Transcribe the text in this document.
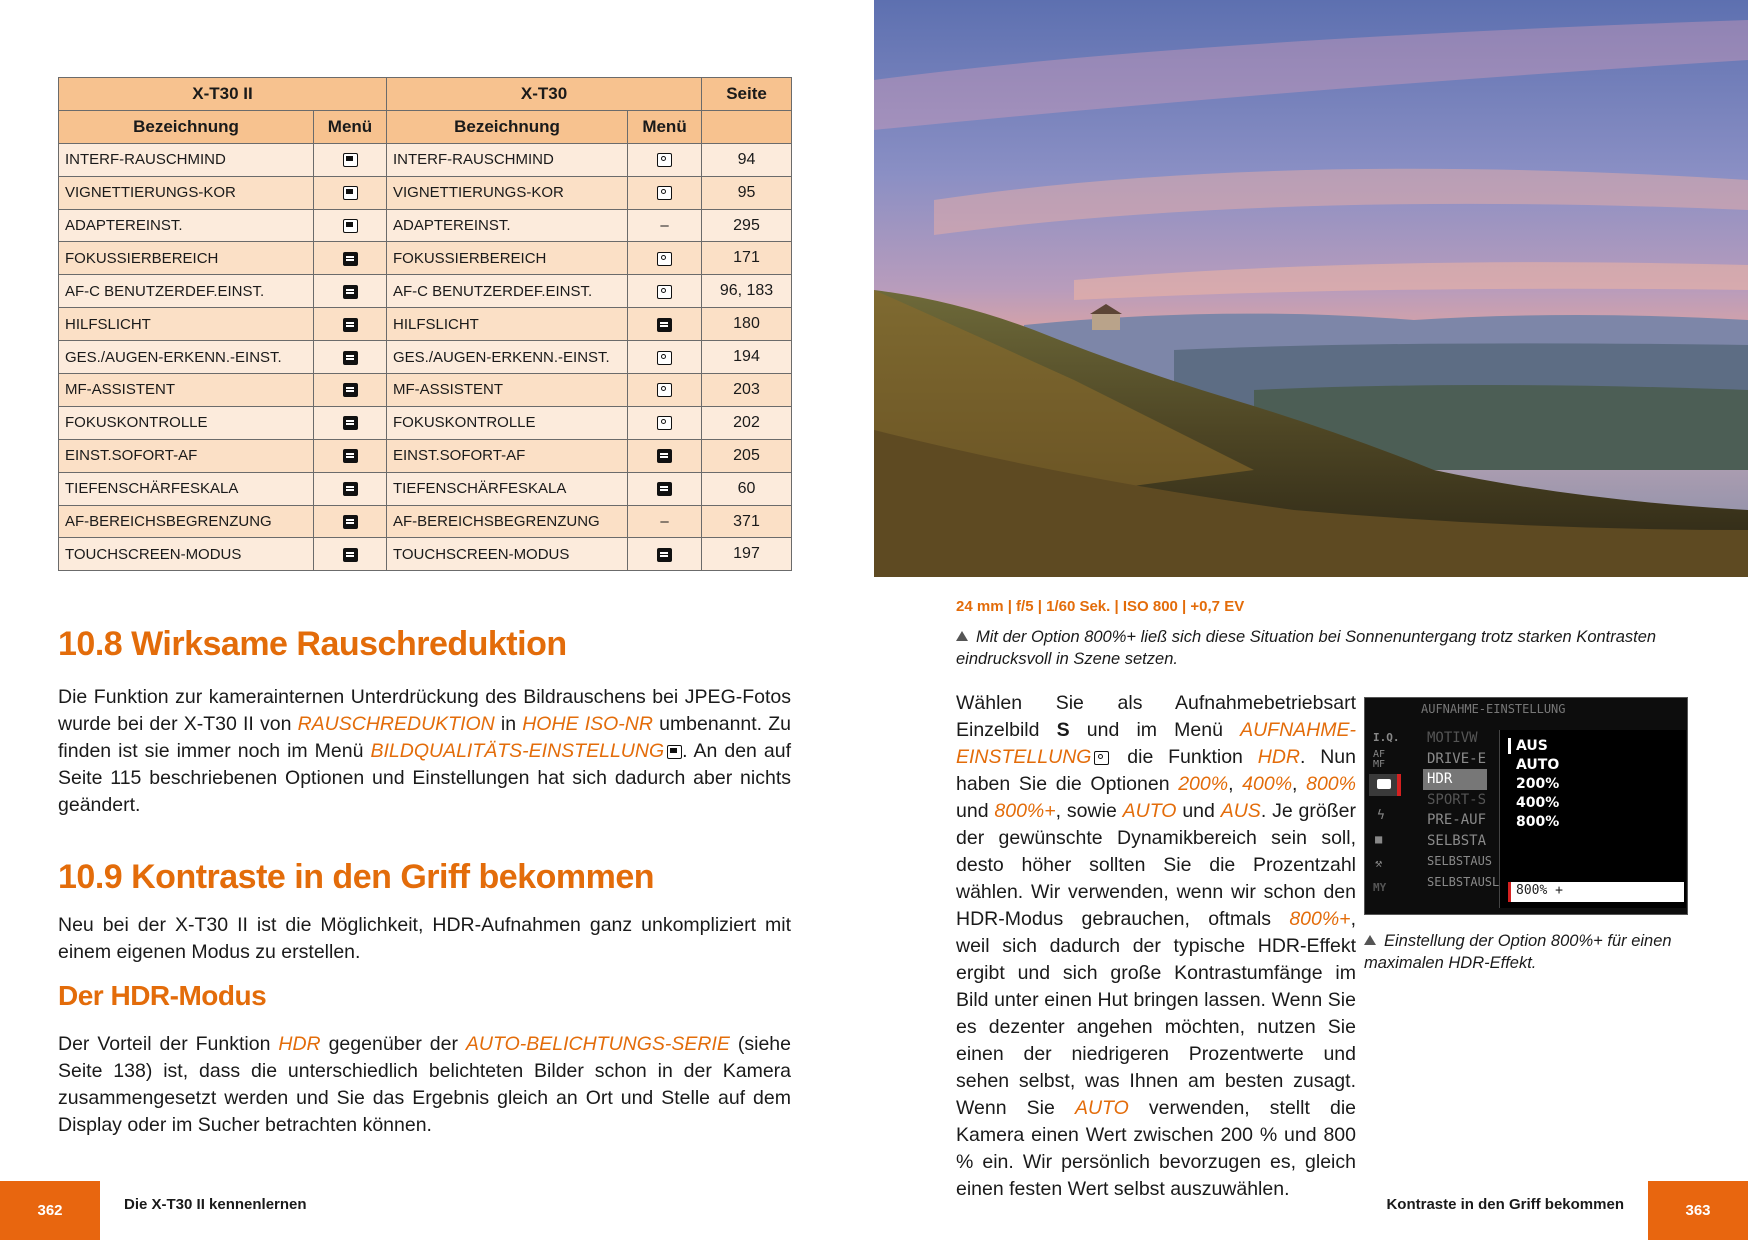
X-T30 II		X-T30		Seite
Bezeichnung	Menü	Bezeichnung	Menü	
INTERF-RAUSCHMIND		INTERF-RAUSCHMIND		94
VIGNETTIERUNGS-KOR		VIGNETTIERUNGS-KOR		95
ADAPTEREINST.		ADAPTEREINST.	–	295
FOKUSSIERBEREICH		FOKUSSIERBEREICH		171
AF-C BENUTZERDEF.EINST.		AF-C BENUTZERDEF.EINST.		96, 183
HILFSLICHT		HILFSLICHT		180
GES./AUGEN-ERKENN.-EINST.		GES./AUGEN-ERKENN.-EINST.		194
MF-ASSISTENT		MF-ASSISTENT		203
FOKUSKONTROLLE		FOKUSKONTROLLE		202
EINST.SOFORT-AF		EINST.SOFORT-AF		205
TIEFENSCHÄRFESKALA		TIEFENSCHÄRFESKALA		60
AF-BEREICHSBEGRENZUNG		AF-BEREICHSBEGRENZUNG	–	371
TOUCHSCREEN-MODUS		TOUCHSCREEN-MODUS		197
10.8 Wirksame Rauschreduktion

Die Funktion zur kamerainternen Unterdrückung des Bildrauschens bei JPEG-Fotos wurde bei der X-T30 II von RAUSCHREDUKTION in HOHE ISO-NR umbenannt. Zu finden ist sie immer noch im Menü BILDQUALITÄTS-EINSTELLUNG . An den auf Seite 115 beschriebenen Optionen und Einstellungen hat sich dadurch aber nichts geändert.

10.9 Kontraste in den Griff bekommen

Neu bei der X-T30 II ist die Möglichkeit, HDR-Aufnahmen ganz unkompliziert mit einem eigenen Modus zu erstellen.

Der HDR-Modus

Der Vorteil der Funktion HDR gegenüber der AUTO-BELICHTUNGS-SERIE (siehe Seite 138) ist, dass die unterschiedlich belichteten Bilder schon in der Kamera zusammengesetzt werden und Sie das Ergebnis gleich an Ort und Stelle auf dem Display oder im Sucher betrachten können.

362	Die X-T30 II kennenlernen
24 mm | f/5 | 1/60 Sek. | ISO 800 | +0,7 EV
Mit der Option 800%+ ließ sich diese Situation bei Sonnenuntergang trotz starken Kontrasten eindrucksvoll in Szene setzen.

Wählen Sie als Aufnahmebetriebsart Einzelbild S und im Menü AUFNAHME-EINSTELLUNG die Funktion HDR. Nun haben Sie die Optionen 200%, 400%, 800% und 800%+, sowie AUTO und AUS. Je größer der gewünschte Dynamikbereich sein soll, desto höher sollten Sie die Prozentzahl wählen. Wir verwenden, wenn wir schon den HDR-Modus gebrauchen, oftmals 800%+, weil sich dadurch der typische HDR-Effekt ergibt und sich große Kontrastumfänge im Bild unter einen Hut bringen lassen. Wenn Sie es dezenter angehen möchten, nutzen Sie einen der niedrigeren Prozentwerte und sehen selbst, was Ihnen am besten zusagt. Wenn Sie AUTO verwenden, stellt die Kamera einen Wert zwischen 200 % und 800 % ein. Wir persönlich bevorzugen es, gleich einen festen Wert selbst auszuwählen.

AUFNAHME-EINSTELLUNG
I.Q.
AF MF
ϟ
■
⚒
MY
MOTIVW
DRIVE-E
HDR
SPORT-S
PRE-AUF
SELBSTA
SELBSTAUS
SELBSTAUSL
AUS
AUTO
200%
400%
800%
800% +
Einstellung der Option 800%+ für einen maximalen HDR-Effekt.
Kontraste in den Griff bekommen	363
